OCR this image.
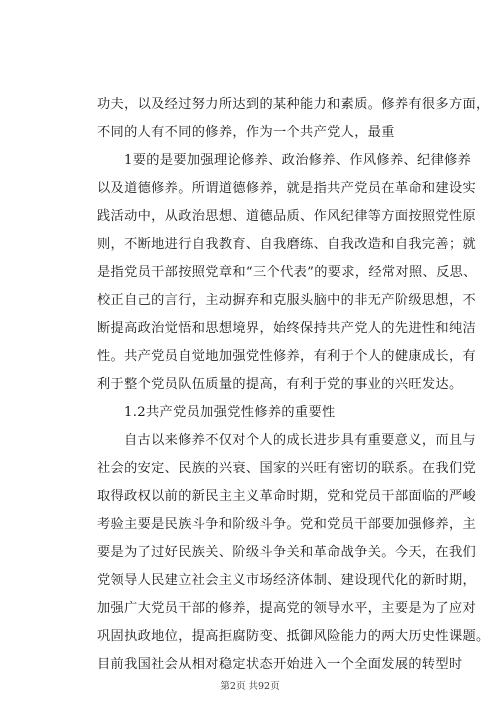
功夫，以及经过努力所达到的某种能力和素质。修养有很多方面，
不同的人有不同的修养，作为一个共产党人，最重
1要的是要加强理论修养、政治修养、作风修养、纪律修养
以及道德修养。所谓道德修养，就是指共产党员在革命和建设实
践活动中，从政治思想、道德品质、作风纪律等方面按照党性原
则，不断地进行自我教育、自我磨练、自我改造和自我完善；就
是指党员干部按照党章和“三个代表”的要求，经常对照、反思、
校正自己的言行，主动摒弃和克服头脑中的非无产阶级思想，不
断提高政治觉悟和思想境界，始终保持共产党人的先进性和纯洁
性。共产党员自觉地加强党性修养，有利于个人的健康成长，有
利于整个党员队伍质量的提高，有利于党的事业的兴旺发达。
1.2共产党员加强党性修养的重要性
自古以来修养不仅对个人的成长进步具有重要意义，而且与
社会的安定、民族的兴衰、国家的兴旺有密切的联系。在我们党
取得政权以前的新民主主义革命时期，党和党员干部面临的严峻
考验主要是民族斗争和阶级斗争。党和党员干部要加强修养，主
要是为了过好民族关、阶级斗争关和革命战争关。今天，在我们
党领导人民建立社会主义市场经济体制、建设现代化的新时期，
加强广大党员干部的修养，提高党的领导水平，主要是为了应对
巩固执政地位，提高拒腐防变、抵御风险能力的两大历史性课题。
目前我国社会从相对稳定状态开始进入一个全面发展的转型时
第2页 共92页
